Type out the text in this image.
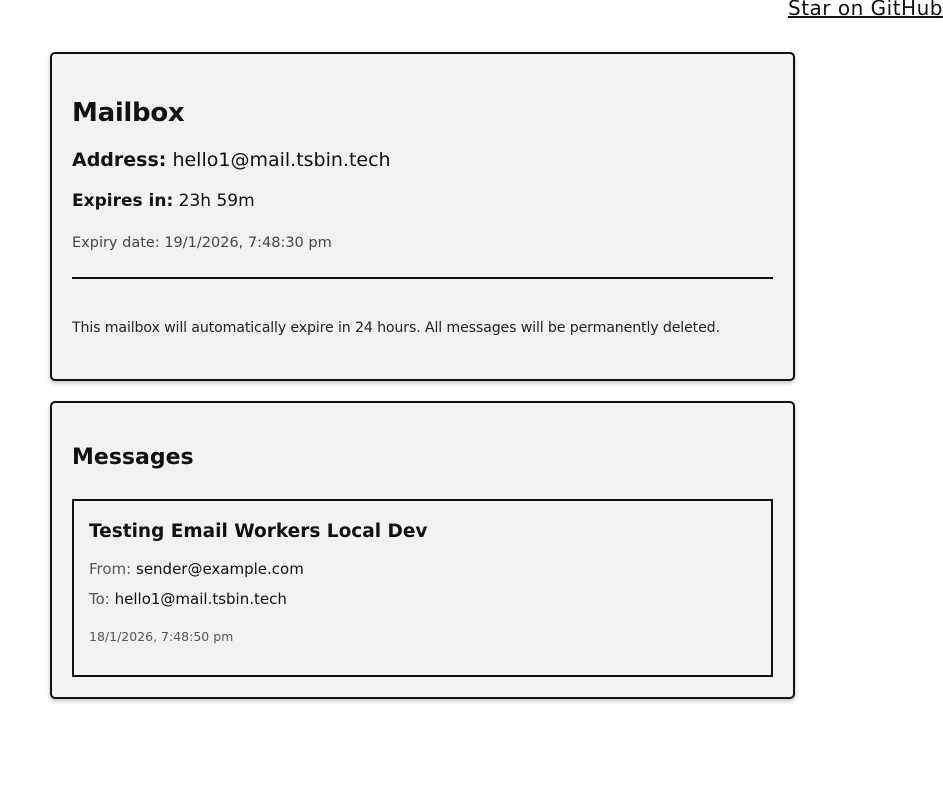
Star on GitHub
Mailbox
Address: hello1@mail.tsbin.tech
Expires in: 23h 59m
Expiry date: 19/1/2026, 7:48:30 pm
This mailbox will automatically expire in 24 hours. All messages will be permanently deleted.
Messages
Testing Email Workers Local Dev
From: sender@example.com
To: hello1@mail.tsbin.tech
18/1/2026, 7:48:50 pm
